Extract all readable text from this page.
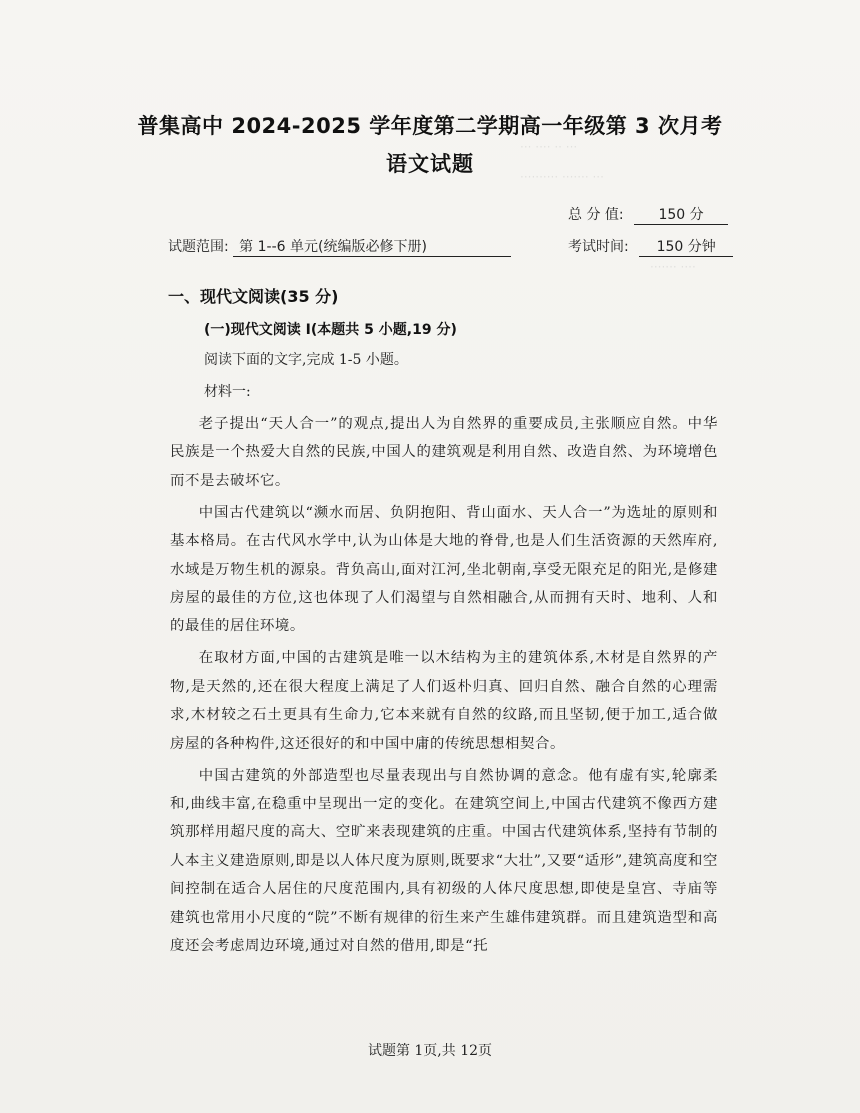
··· ···· ·· ···
·········· ······· ···
······· ····
普集高中 2024-2025 学年度第二学期高一年级第 3 次月考
语文试题
总 分 值: 150 分
试题范围: 第 1--6 单元(统编版必修下册)	考试时间: 150 分钟
一、现代文阅读(35 分)
(一)现代文阅读 I(本题共 5 小题,19 分)
阅读下面的文字,完成 1-5 小题。
材料一:

老子提出“天人合一”的观点,提出人为自然界的重要成员,主张顺应自然。中华民族是一个热爱大自然的民族,中国人的建筑观是利用自然、改造自然、为环境增色而不是去破坏它。

中国古代建筑以“濒水而居、负阴抱阳、背山面水、天人合一”为选址的原则和基本格局。在古代风水学中,认为山体是大地的脊骨,也是人们生活资源的天然库府,水域是万物生机的源泉。背负高山,面对江河,坐北朝南,享受无限充足的阳光,是修建房屋的最佳的方位,这也体现了人们渴望与自然相融合,从而拥有天时、地利、人和的最佳的居住环境。

在取材方面,中国的古建筑是唯一以木结构为主的建筑体系,木材是自然界的产物,是天然的,还在很大程度上满足了人们返朴归真、回归自然、融合自然的心理需求,木材较之石土更具有生命力,它本来就有自然的纹路,而且坚韧,便于加工,适合做房屋的各种构件,这还很好的和中国中庸的传统思想相契合。

中国古建筑的外部造型也尽量表现出与自然协调的意念。他有虚有实,轮廓柔和,曲线丰富,在稳重中呈现出一定的变化。在建筑空间上,中国古代建筑不像西方建筑那样用超尺度的高大、空旷来表现建筑的庄重。中国古代建筑体系,坚持有节制的人本主义建造原则,即是以人体尺度为原则,既要求“大壮”,又要“适形”,建筑高度和空间控制在适合人居住的尺度范围内,具有初级的人体尺度思想,即使是皇宫、寺庙等建筑也常用小尺度的“院”不断有规律的衍生来产生雄伟建筑群。而且建筑造型和高度还会考虑周边环境,通过对自然的借用,即是“托

试题第 1页,共 12页
